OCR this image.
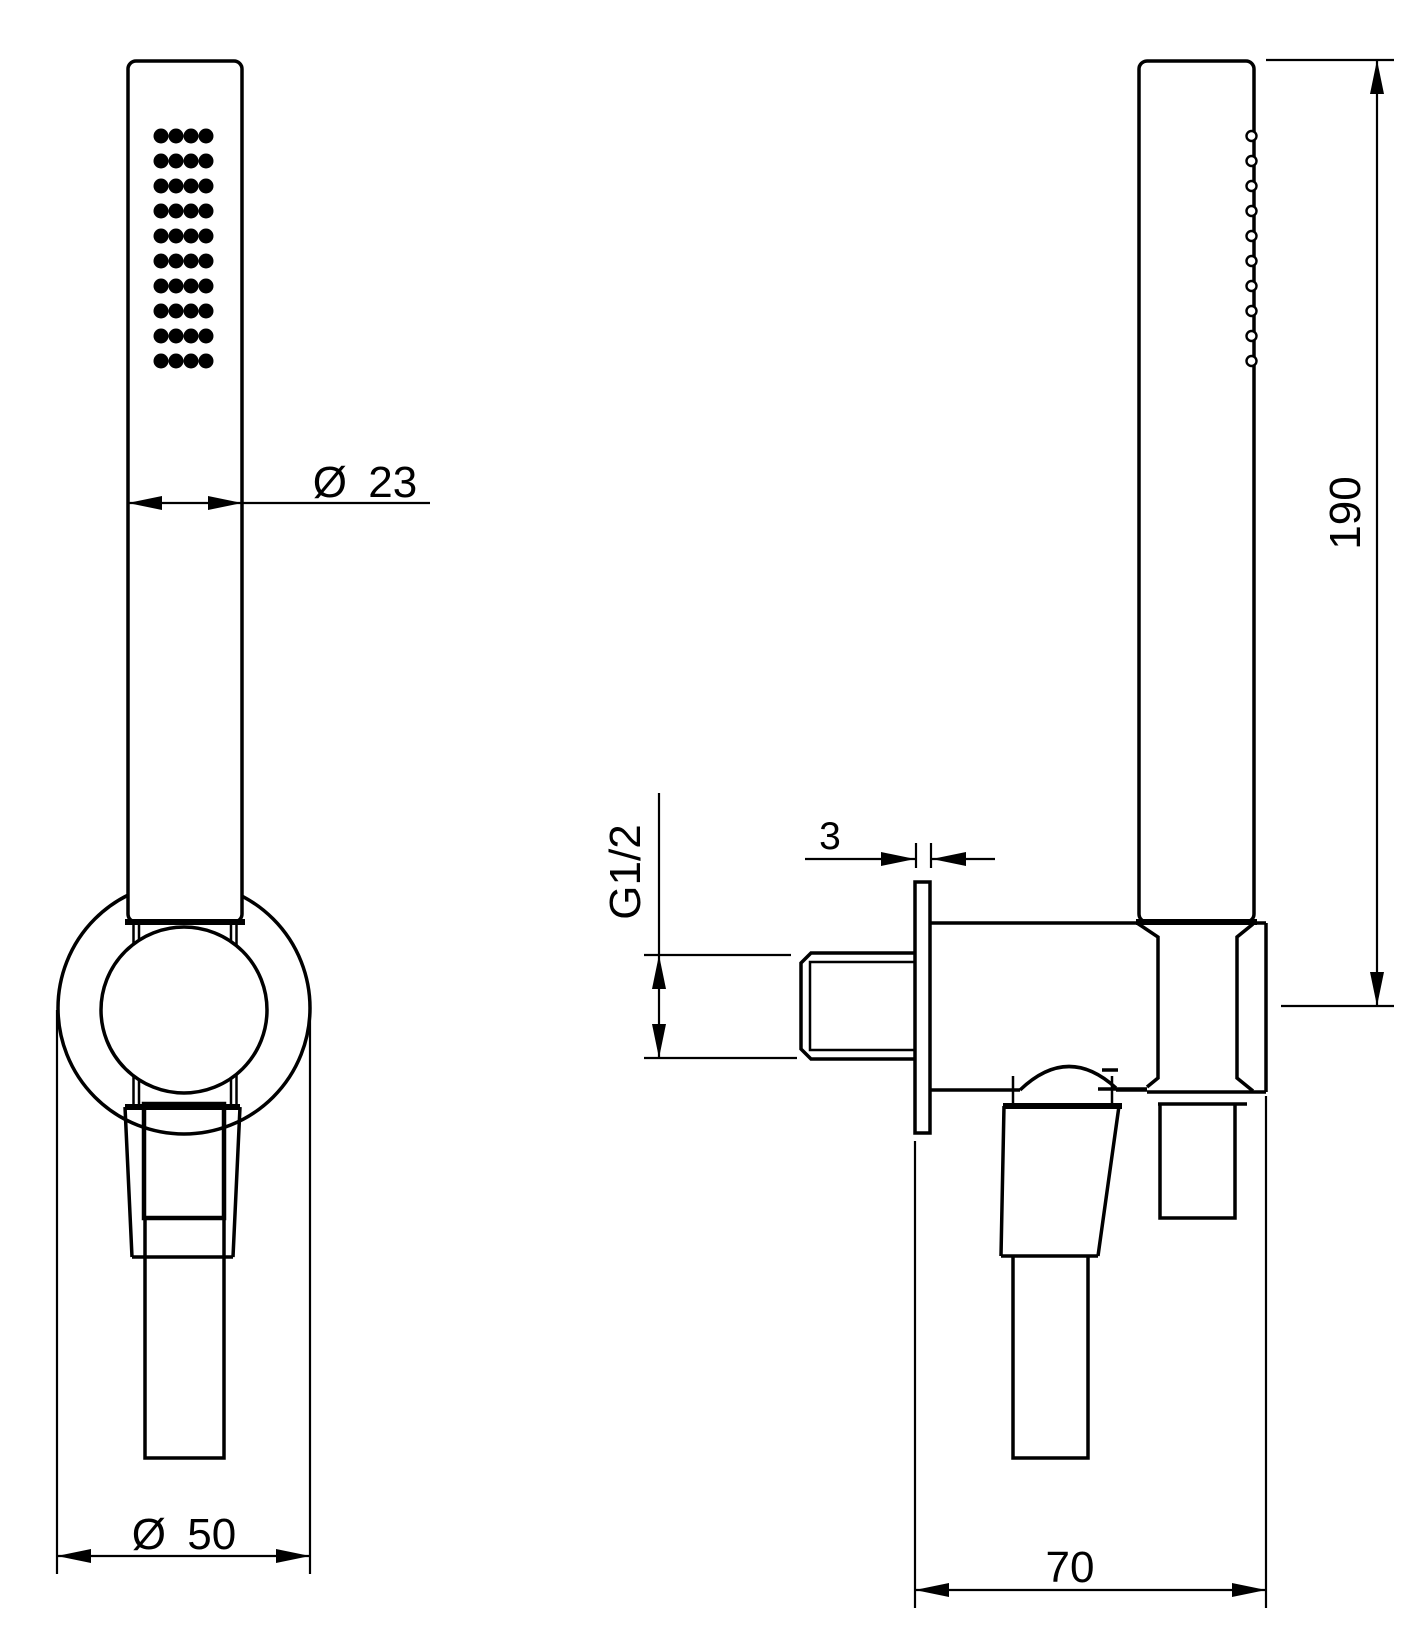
Ø 23
Ø 50
190
3
G1/2
70
